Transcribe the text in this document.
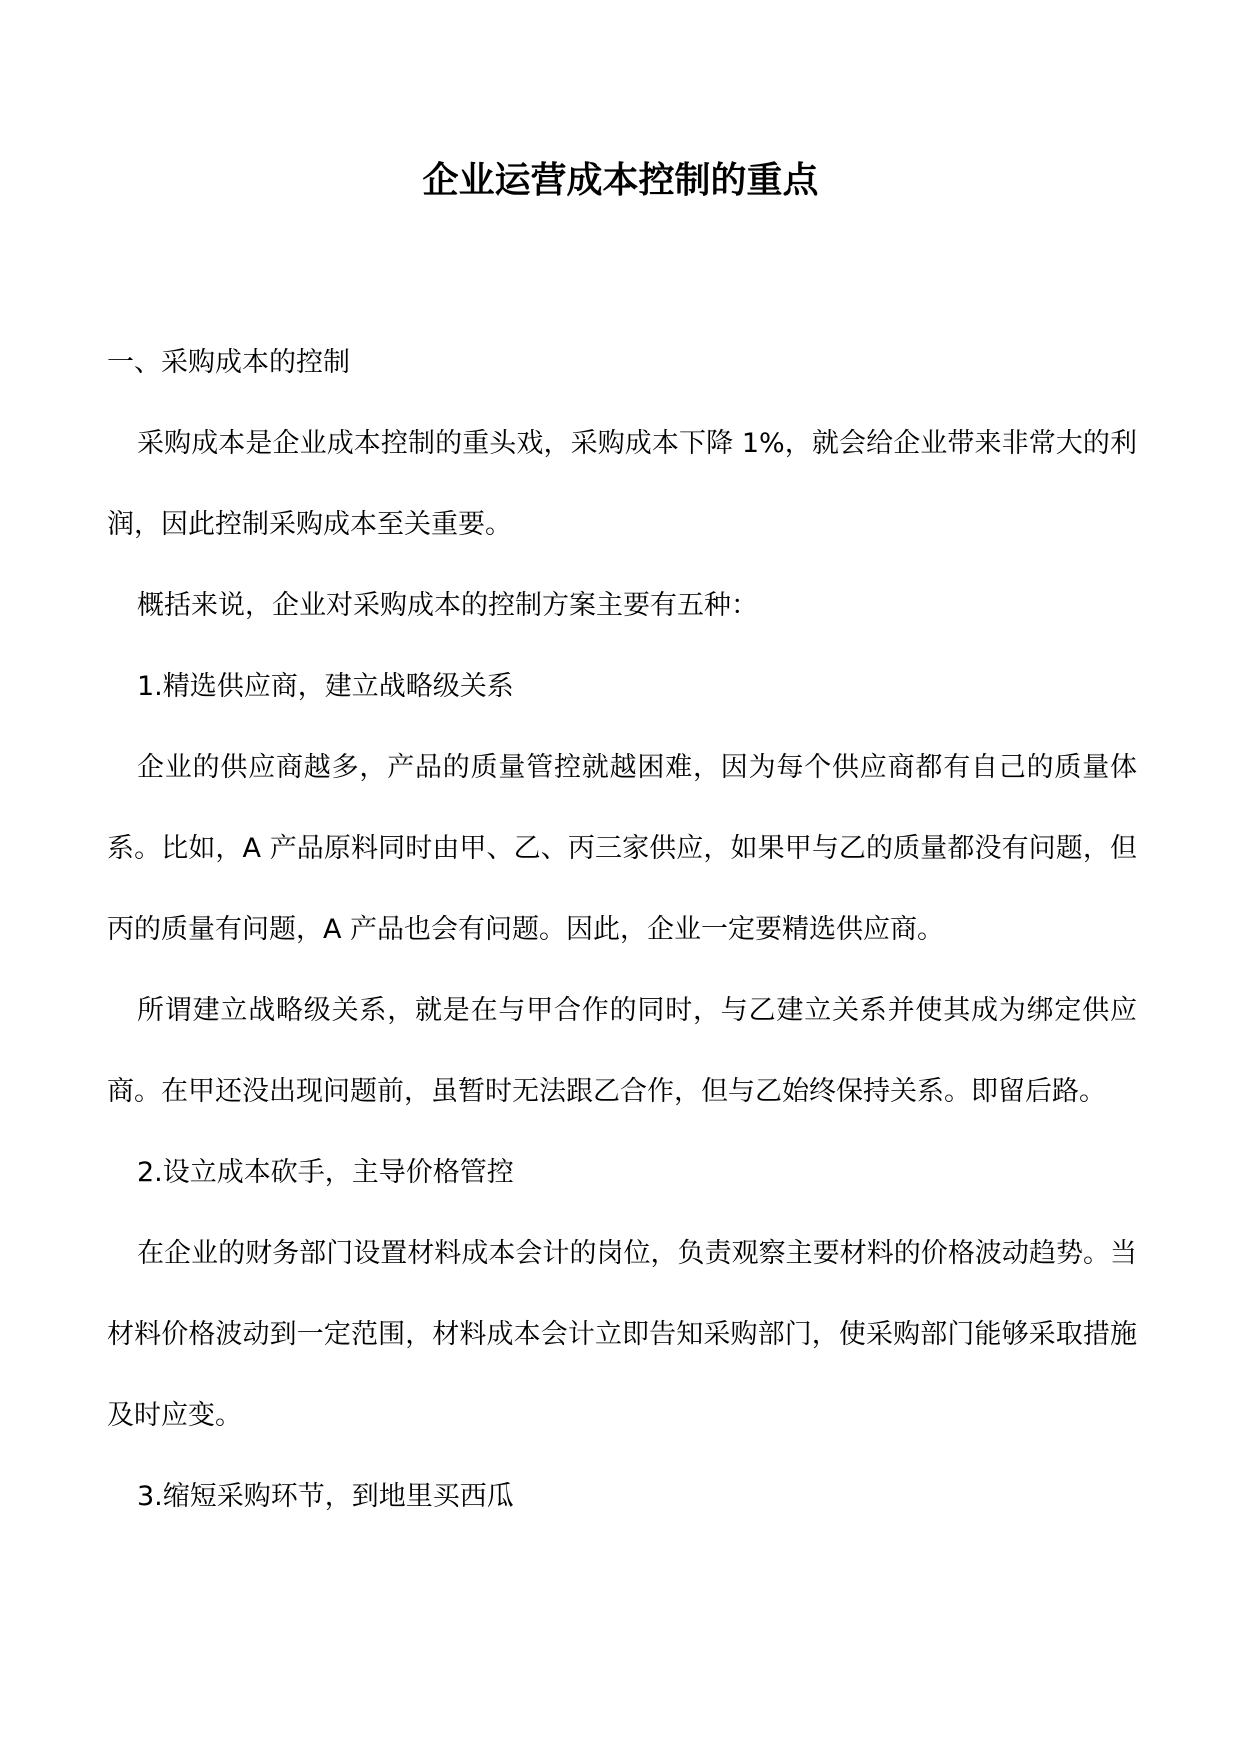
企业运营成本控制的重点
一、采购成本的控制

采购成本是企业成本控制的重头戏，采购成本下降 1%，就会给企业带来非常大的利润，因此控制采购成本至关重要。

概括来说，企业对采购成本的控制方案主要有五种：

1.精选供应商，建立战略级关系

企业的供应商越多，产品的质量管控就越困难，因为每个供应商都有自己的质量体系。比如，A 产品原料同时由甲、乙、丙三家供应，如果甲与乙的质量都没有问题，但丙的质量有问题，A 产品也会有问题。因此，企业一定要精选供应商。

所谓建立战略级关系，就是在与甲合作的同时，与乙建立关系并使其成为绑定供应商。在甲还没出现问题前，虽暂时无法跟乙合作，但与乙始终保持关系。即留后路。

2.设立成本砍手，主导价格管控

在企业的财务部门设置材料成本会计的岗位，负责观察主要材料的价格波动趋势。当材料价格波动到一定范围，材料成本会计立即告知采购部门，使采购部门能够采取措施及时应变。

3.缩短采购环节，到地里买西瓜
